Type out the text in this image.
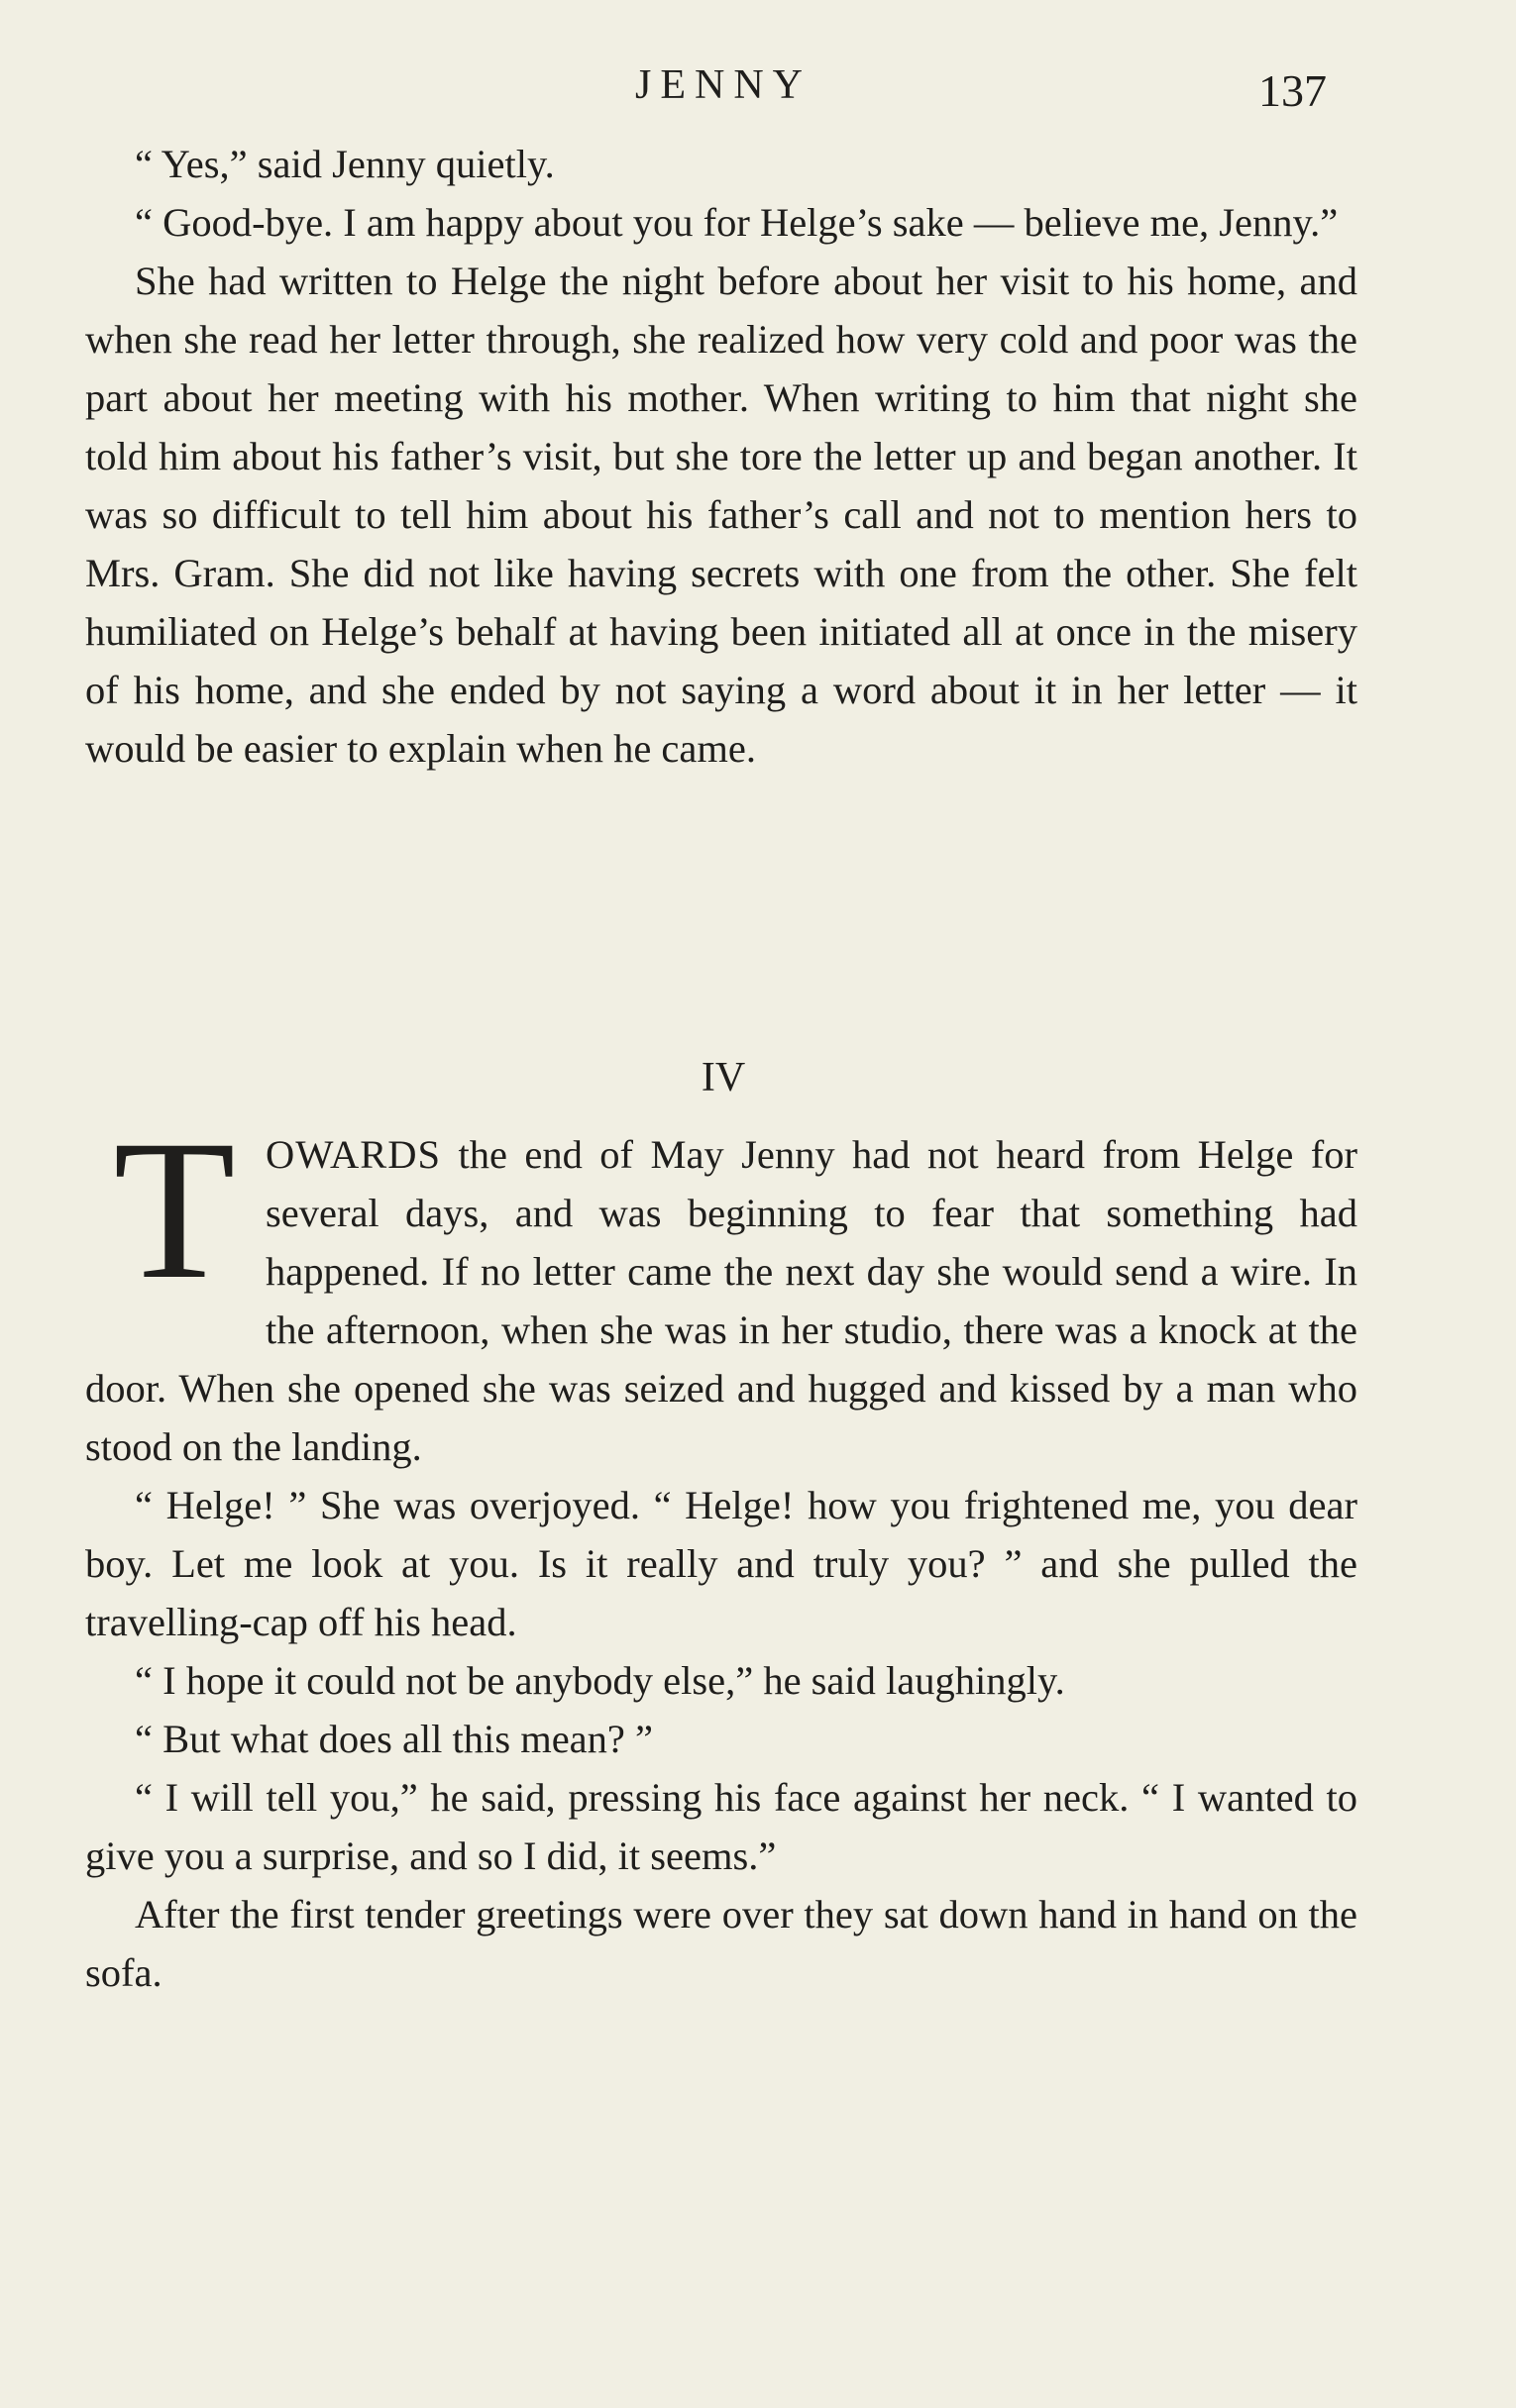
JENNY	137

“ Yes,” said Jenny quietly.

“ Good-bye. I am happy about you for Helge’s sake — believe me, Jenny.”

She had written to Helge the night before about her visit to his home, and when she read her letter through, she realized how very cold and poor was the part about her meeting with his mother. When writing to him that night she told him about his father’s visit, but she tore the letter up and began another. It was so difficult to tell him about his father’s call and not to mention hers to Mrs. Gram. She did not like having secrets with one from the other. She felt humiliated on Helge’s behalf at having been initiated all at once in the misery of his home, and she ended by not saying a word about it in her letter — it would be easier to explain when he came.

IV

TOWARDS the end of May Jenny had not heard from Helge for several days, and was beginning to fear that something had happened. If no letter came the next day she would send a wire. In the afternoon, when she was in her studio, there was a knock at the door. When she opened she was seized and hugged and kissed by a man who stood on the landing.

“ Helge! ” She was overjoyed. “ Helge! how you frightened me, you dear boy. Let me look at you. Is it really and truly you? ” and she pulled the travelling-cap off his head.

“ I hope it could not be anybody else,” he said laughingly.

“ But what does all this mean? ”

“ I will tell you,” he said, pressing his face against her neck. “ I wanted to give you a surprise, and so I did, it seems.”

After the first tender greetings were over they sat down hand in hand on the sofa.
